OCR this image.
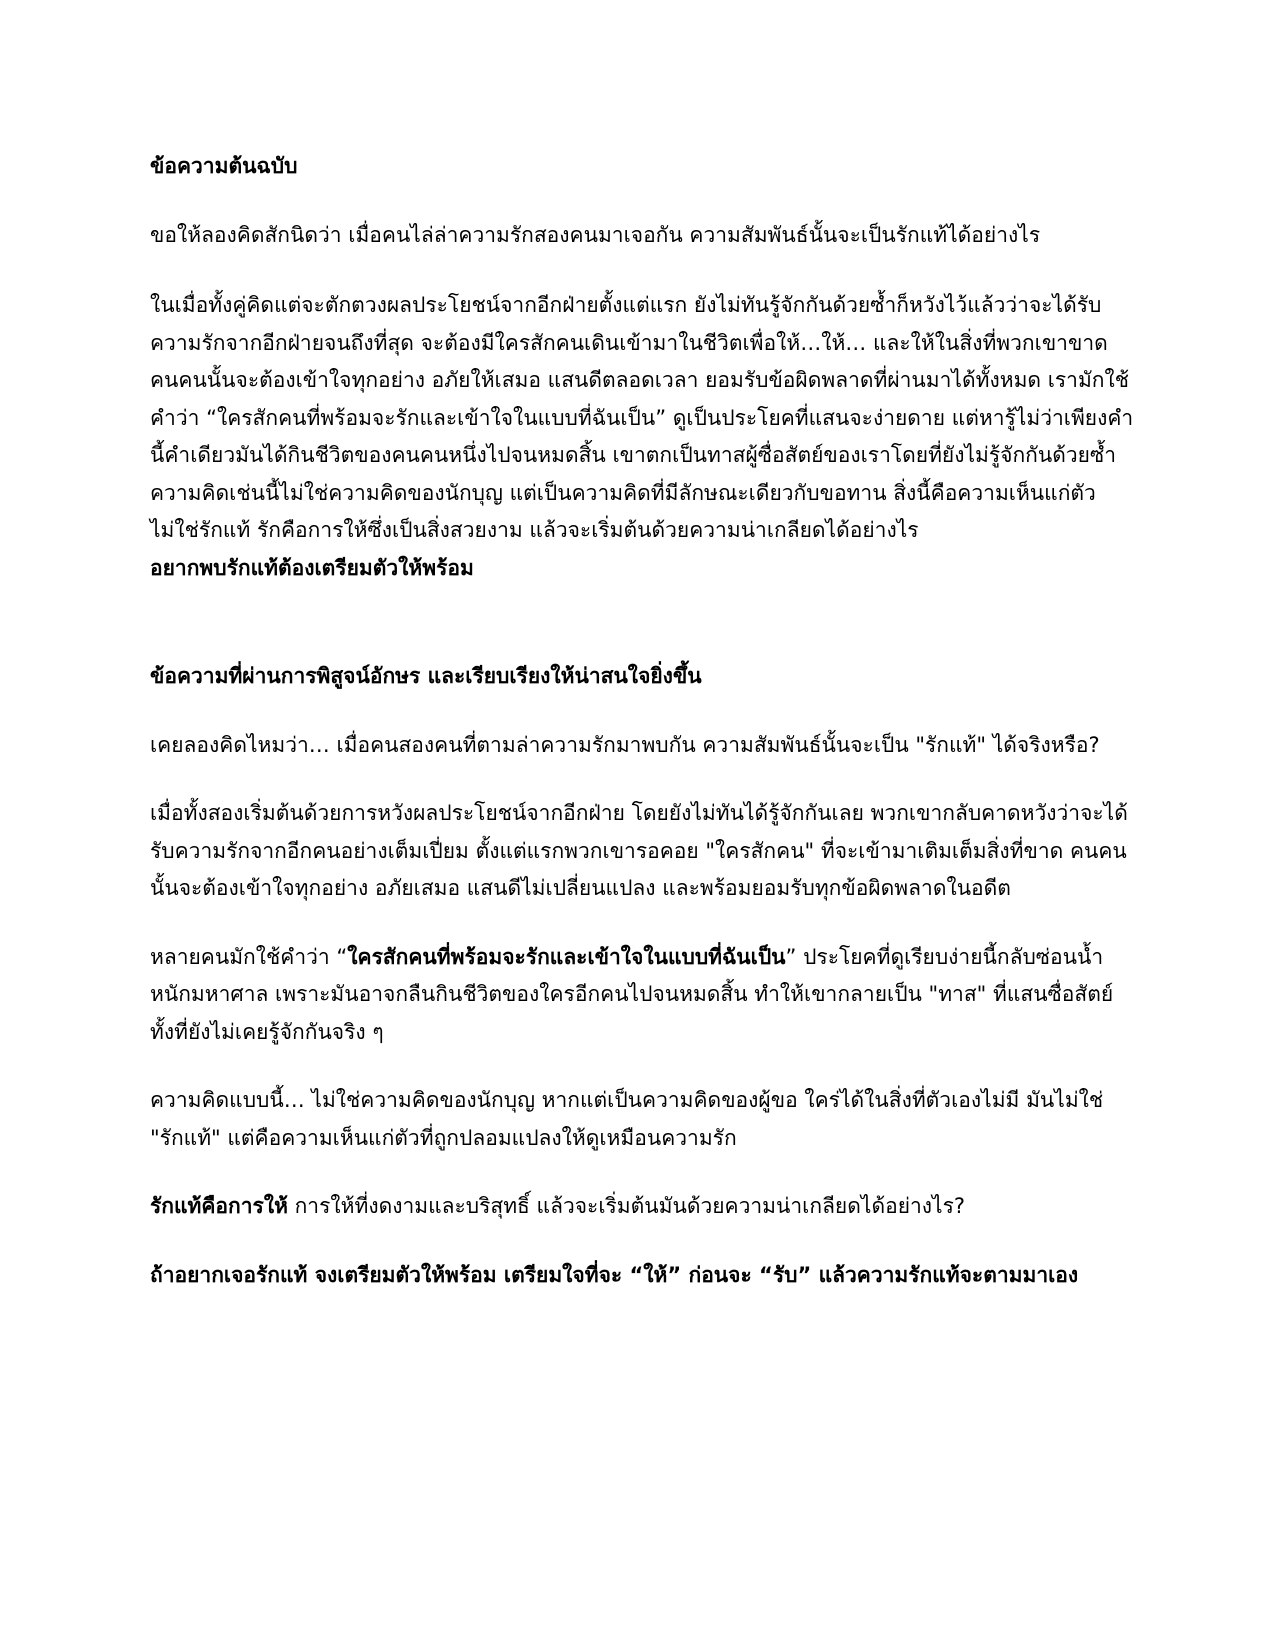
ข้อความต้นฉบับ

ขอให้ลองคิดสักนิดว่า เมื่อคนไล่ล่าความรักสองคนมาเจอกัน ความสัมพันธ์นั้นจะเป็นรักแท้ได้อย่างไร

ในเมื่อทั้งคู่คิดแต่จะตักตวงผลประโยชน์จากอีกฝ่ายตั้งแต่แรก ยังไม่ทันรู้จักกันด้วยซ้ำก็หวังไว้แล้วว่าจะได้รับความรักจากอีกฝ่ายจนถึงที่สุด จะต้องมีใครสักคนเดินเข้ามาในชีวิตเพื่อให้…ให้… และให้ในสิ่งที่พวกเขาขาด คนคนนั้นจะต้องเข้าใจทุกอย่าง อภัยให้เสมอ แสนดีตลอดเวลา ยอมรับข้อผิดพลาดที่ผ่านมาได้ทั้งหมด เรามักใช้คำว่า “ใครสักคนที่พร้อมจะรักและเข้าใจในแบบที่ฉันเป็น” ดูเป็นประโยคที่แสนจะง่ายดาย แต่หารู้ไม่ว่าเพียงคำนี้คำเดียวมันได้กินชีวิตของคนคนหนึ่งไปจนหมดสิ้น เขาตกเป็นทาสผู้ซื่อสัตย์ของเราโดยที่ยังไม่รู้จักกันด้วยซ้ำ ความคิดเช่นนี้ไม่ใช่ความคิดของนักบุญ แต่เป็นความคิดที่มีลักษณะเดียวกับขอทาน สิ่งนี้คือความเห็นแก่ตัว ไม่ใช่รักแท้ รักคือการให้ซึ่งเป็นสิ่งสวยงาม แล้วจะเริ่มต้นด้วยความน่าเกลียดได้อย่างไร

อยากพบรักแท้ต้องเตรียมตัวให้พร้อม

ข้อความที่ผ่านการพิสูจน์อักษร และเรียบเรียงให้น่าสนใจยิ่งขึ้น

เคยลองคิดไหมว่า… เมื่อคนสองคนที่ตามล่าความรักมาพบกัน ความสัมพันธ์นั้นจะเป็น "รักแท้" ได้จริงหรือ?

เมื่อทั้งสองเริ่มต้นด้วยการหวังผลประโยชน์จากอีกฝ่าย โดยยังไม่ทันได้รู้จักกันเลย พวกเขากลับคาดหวังว่าจะได้รับความรักจากอีกคนอย่างเต็มเปี่ยม ตั้งแต่แรกพวกเขารอคอย "ใครสักคน" ที่จะเข้ามาเติมเต็มสิ่งที่ขาด คนคนนั้นจะต้องเข้าใจทุกอย่าง อภัยเสมอ แสนดีไม่เปลี่ยนแปลง และพร้อมยอมรับทุกข้อผิดพลาดในอดีต

หลายคนมักใช้คำว่า “ใครสักคนที่พร้อมจะรักและเข้าใจในแบบที่ฉันเป็น” ประโยคที่ดูเรียบง่ายนี้กลับซ่อนน้ำหนักมหาศาล เพราะมันอาจกลืนกินชีวิตของใครอีกคนไปจนหมดสิ้น ทำให้เขากลายเป็น "ทาส" ที่แสนซื่อสัตย์ ทั้งที่ยังไม่เคยรู้จักกันจริง ๆ

ความคิดแบบนี้… ไม่ใช่ความคิดของนักบุญ หากแต่เป็นความคิดของผู้ขอ ใคร่ได้ในสิ่งที่ตัวเองไม่มี มันไม่ใช่ "รักแท้" แต่คือความเห็นแก่ตัวที่ถูกปลอมแปลงให้ดูเหมือนความรัก

รักแท้คือการให้ การให้ที่งดงามและบริสุทธิ์ แล้วจะเริ่มต้นมันด้วยความน่าเกลียดได้อย่างไร?

ถ้าอยากเจอรักแท้ จงเตรียมตัวให้พร้อม เตรียมใจที่จะ “ให้” ก่อนจะ “รับ” แล้วความรักแท้จะตามมาเอง
